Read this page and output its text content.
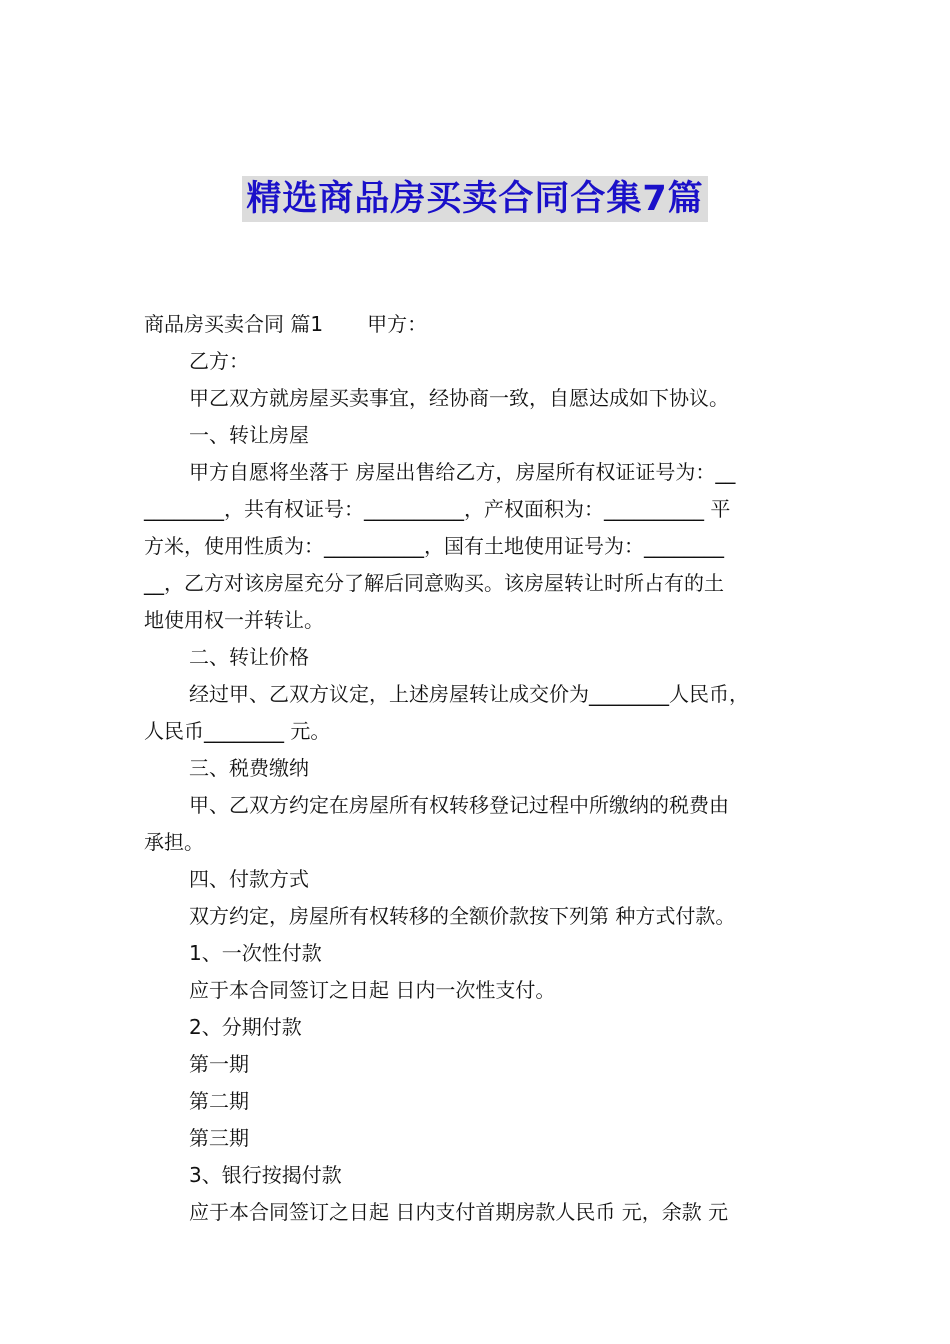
精选商品房买卖合同合集7篇

商品房买卖合同 篇1 甲方：

乙方：

甲乙双方就房屋买卖事宜，经协商一致，自愿达成如下协议。

一、转让房屋

甲方自愿将坐落于 房屋出售给乙方，房屋所有权证证号为：__

________，共有权证号：__________，产权面积为：__________ 平

方米，使用性质为：__________，国有土地使用证号为：________

__，乙方对该房屋充分了解后同意购买。该房屋转让时所占有的土

地使用权一并转让。

二、转让价格

经过甲、乙双方议定，上述房屋转让成交价为________人民币，

人民币________ 元。

三、税费缴纳

甲、乙双方约定在房屋所有权转移登记过程中所缴纳的税费由

承担。

四、付款方式

双方约定，房屋所有权转移的全额价款按下列第 种方式付款。

1、一次性付款

应于本合同签订之日起 日内一次性支付。

2、分期付款

第一期

第二期

第三期

3、银行按揭付款

应于本合同签订之日起 日内支付首期房款人民币 元，余款 元
